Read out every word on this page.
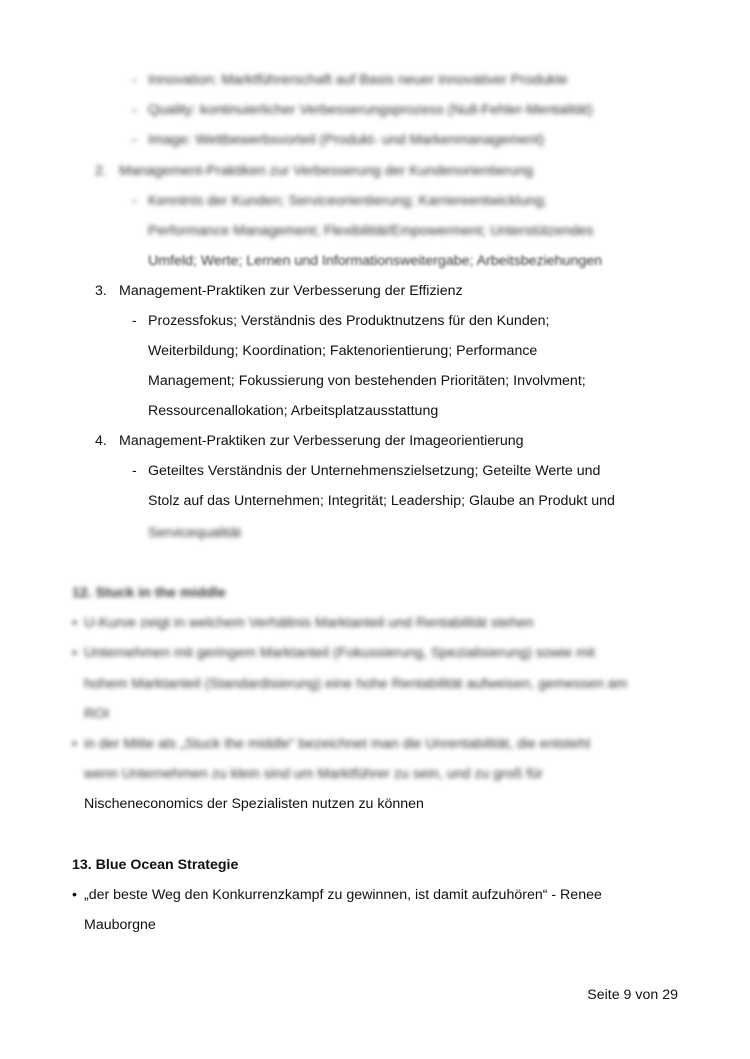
- Innovation: Marktführerschaft auf Basis neuer innovativer Produkte
- Quality: kontinuierlicher Verbesserungsprozess (Null-Fehler-Mentalität)
- Image: Wettbewerbsvorteil (Produkt- und Markenmanagement)
2. Management-Praktiken zur Verbesserung der Kundenorientierung
- Kenntnis der Kunden; Serviceorientierung; Karriereentwicklung;
Performance Management; Flexibilität/Empowerment; Unterstützendes
Umfeld; Werte; Lernen und Informationsweitergabe; Arbeitsbeziehungen
3. Management-Praktiken zur Verbesserung der Effizienz
- Prozessfokus; Verständnis des Produktnutzens für den Kunden;
Weiterbildung; Koordination; Faktenorientierung; Performance
Management; Fokussierung von bestehenden Prioritäten; Involvment;
Ressourcenallokation; Arbeitsplatzausstattung
4. Management-Praktiken zur Verbesserung der Imageorientierung
- Geteiltes Verständnis der Unternehmenszielsetzung; Geteilte Werte und
Stolz auf das Unternehmen; Integrität; Leadership; Glaube an Produkt und
Servicequalität
12. Stuck in the middle
• U-Kurve zeigt in welchem Verhältnis Marktanteil und Rentabilität stehen
• Unternehmen mit geringem Marktanteil (Fokussierung, Spezialisierung) sowie mit
hohem Marktanteil (Standardisierung) eine hohe Rentabilität aufweisen, gemessen am
ROI
• in der Mitte als „Stuck the middle“ bezeichnet man die Unrentabilität, die entsteht
wenn Unternehmen zu klein sind um Marktführer zu sein, und zu groß für
Nischeneconomics der Spezialisten nutzen zu können
13. Blue Ocean Strategie
• „der beste Weg den Konkurrenzkampf zu gewinnen, ist damit aufzuhören“ - Renee
Mauborgne
Seite 9 von 29
